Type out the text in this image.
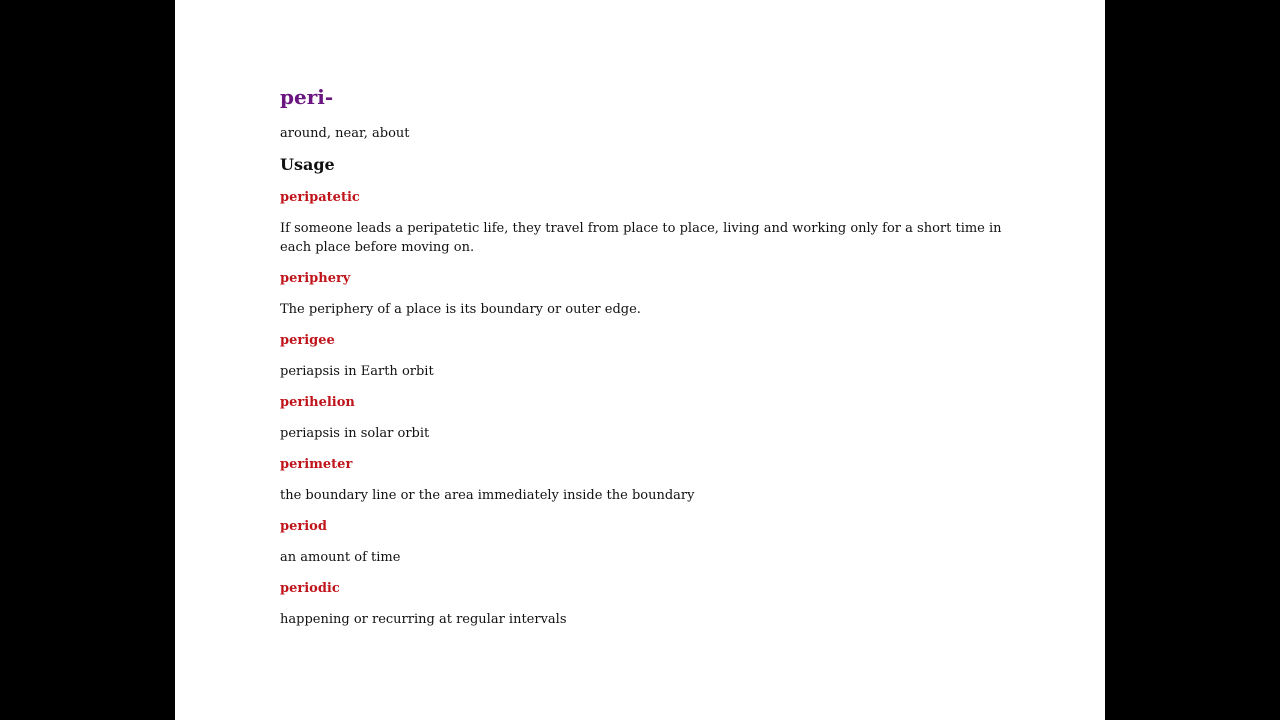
peri-

around, near, about

Usage

peripatetic

If someone leads a peripatetic life, they travel from place to place, living and working only for a short time in each place before moving on.

periphery

The periphery of a place is its boundary or outer edge.

perigee

periapsis in Earth orbit

perihelion

periapsis in solar orbit

perimeter

the boundary line or the area immediately inside the boundary

period

an amount of time

periodic

happening or recurring at regular intervals
